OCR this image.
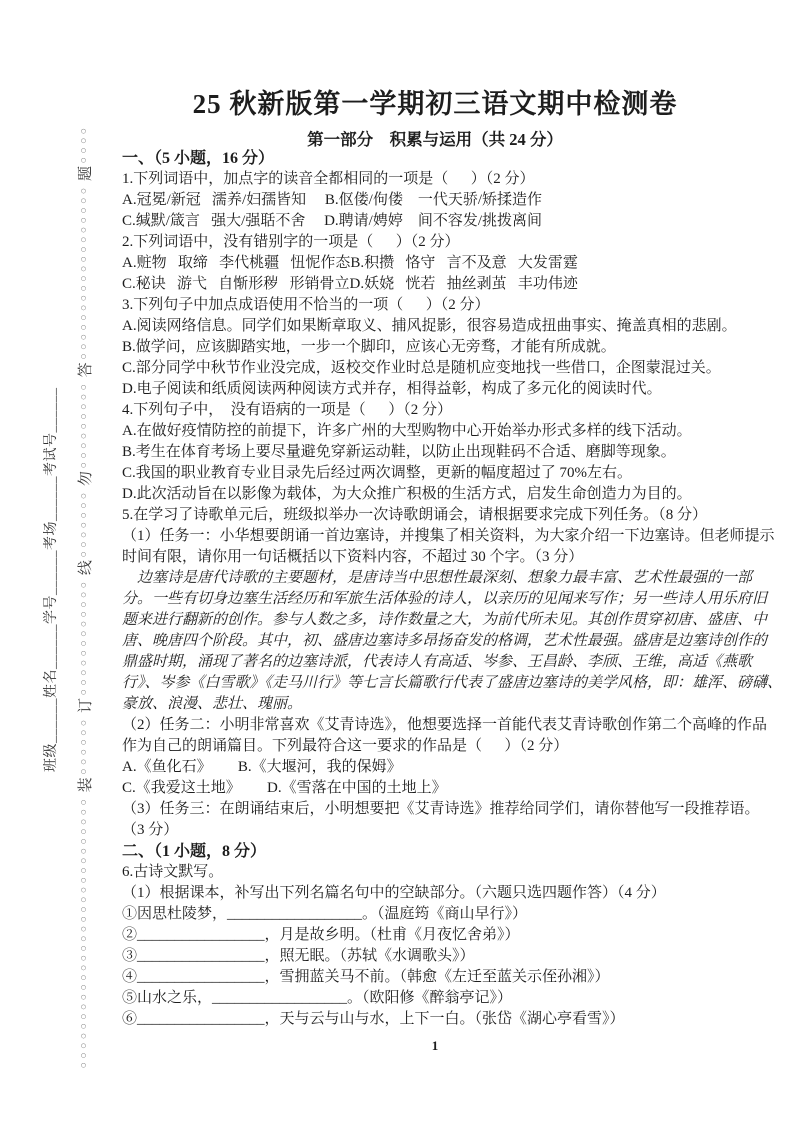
○○○○○○○○○○○○○○○○○○○○○○○○○○○○
装
○○○○○○
订
○○○○○○○○○○○○
线
○○○○○○○
勿
○○○○○○○○○
答
○○○○○○○○○○○○○○○○○○
题
○○○○
班级______姓名______学号______考场______考试号______
25 秋新版第一学期初三语文期中检测卷
第一部分　积累与运用（共 24 分）
一、（5 小题，16 分）
1.下列词语中，加点字的读音全都相同的一项是（      ）（2 分）
A.冠冕/新冠   濡养/妇孺皆知     B.伛偻/佝偻    一代天骄/矫揉造作
C.缄默/箴言   强大/强聒不舍     D.聘请/娉婷    间不容发/挑拨离间
2.下列词语中，没有错别字的一项是（      ）（2 分）
A.赃物   取缔   李代桃疆   忸怩作态B.积攒   恪守   言不及意   大发雷霆
C.秘诀   游弋   自惭形秽   形销骨立D.妖娆   恍若   抽丝剥茧   丰功伟迹
3.下列句子中加点成语使用不恰当的一项（      ）（2 分）
A.阅读网络信息。同学们如果断章取义、捕风捉影，很容易造成扭曲事实、掩盖真相的悲剧。
B.做学问，应该脚踏实地，一步一个脚印，应该心无旁骛，才能有所成就。
C.部分同学中秋节作业没完成，返校交作业时总是随机应变地找一些借口，企图蒙混过关。
D.电子阅读和纸质阅读两种阅读方式并存，相得益彰，构成了多元化的阅读时代。
4.下列句子中，  没有语病的一项是（      ）（2 分）
A.在做好疫情防控的前提下，许多广州的大型购物中心开始举办形式多样的线下活动。
B.考生在体育考场上要尽量避免穿新运动鞋，以防止出现鞋码不合适、磨脚等现象。
C.我国的职业教育专业目录先后经过两次调整，更新的幅度超过了 70%左右。
D.此次活动旨在以影像为载体，为大众推广积极的生活方式，启发生命创造力为目的。
5.在学习了诗歌单元后，班级拟举办一次诗歌朗诵会，请根据要求完成下列任务。（8 分）
（1）任务一：小华想要朗诵一首边塞诗，并搜集了相关资料，为大家介绍一下边塞诗。但老师提示
时间有限，请你用一句话概括以下资料内容，不超过 30 个字。（3 分）
边塞诗是唐代诗歌的主要题材，是唐诗当中思想性最深刻、想象力最丰富、艺术性最强的一部
分。一些有切身边塞生活经历和军旅生活体验的诗人，以亲历的见闻来写作；另一些诗人用乐府旧
题来进行翻新的创作。参与人数之多，诗作数量之大，为前代所未见。其创作贯穿初唐、盛唐、中
唐、晚唐四个阶段。其中，初、盛唐边塞诗多昂扬奋发的格调，艺术性最强。盛唐是边塞诗创作的
鼎盛时期，涌现了著名的边塞诗派，代表诗人有高适、岑参、王昌龄、李颀、王维，高适《燕歌
行》、岑参《白雪歌》《走马川行》等七言长篇歌行代表了盛唐边塞诗的美学风格，即：雄浑、磅礴、
豪放、浪漫、悲壮、瑰丽。
（2）任务二：小明非常喜欢《艾青诗选》，他想要选择一首能代表艾青诗歌创作第二个高峰的作品
作为自己的朗诵篇目。下列最符合这一要求的作品是（      ）（2 分）
A.《鱼化石》       B.《大堰河，我的保姆》
C.《我爱这土地》       D.《雪落在中国的土地上》
（3）任务三：在朗诵结束后，小明想要把《艾青诗选》推荐给同学们，请你替他写一段推荐语。
（3 分）
二、（1 小题，8 分）
6.古诗文默写。
（1）根据课本，补写出下列名篇名句中的空缺部分。（六题只选四题作答）（4 分）
①因思杜陵梦，__________________。（温庭筠《商山早行》）
②_________________，月是故乡明。（杜甫《月夜忆舍弟》）
③_________________，照无眠。（苏轼《水调歌头》）
④_________________，雪拥蓝关马不前。（韩愈《左迁至蓝关示侄孙湘》）
⑤山水之乐，__________________。（欧阳修《醉翁亭记》）
⑥_________________，天与云与山与水，上下一白。（张岱《湖心亭看雪》）
1
